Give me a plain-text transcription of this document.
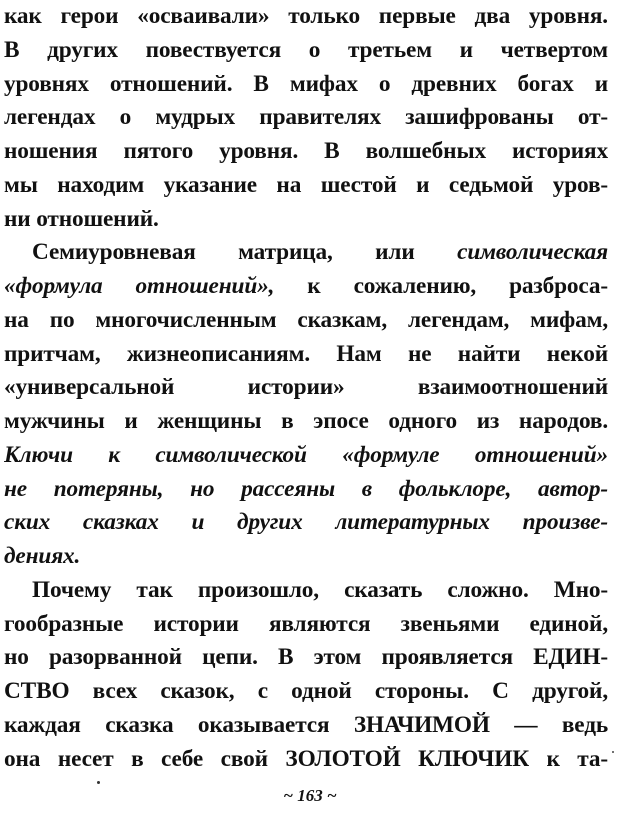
как герои «осваивали» только первые два уровня.
В других повествуется о третьем и четвертом
уровнях отношений. В мифах о древних богах и
легендах о мудрых правителях зашифрованы от-
ношения пятого уровня. В волшебных историях
мы находим указание на шестой и седьмой уров-
ни отношений.
Семиуровневая матрица, или символическая
«формула отношений», к сожалению, разброса-
на по многочисленным сказкам, легендам, мифам,
притчам, жизнеописаниям. Нам не найти некой
«универсальной истории» взаимоотношений
мужчины и женщины в эпосе одного из народов.
Ключи к символической «формуле отношений»
не потеряны, но рассеяны в фольклоре, автор-
ских сказках и других литературных произве-
дениях.
Почему так произошло, сказать сложно. Мно-
гообразные истории являются звеньями единой,
но разорванной цепи. В этом проявляется ЕДИН-
СТВО всех сказок, с одной стороны. С другой,
каждая сказка оказывается ЗНАЧИМОЙ — ведь
она несет в себе свой ЗОЛОТОЙ КЛЮЧИК к та-
~ 163 ~
